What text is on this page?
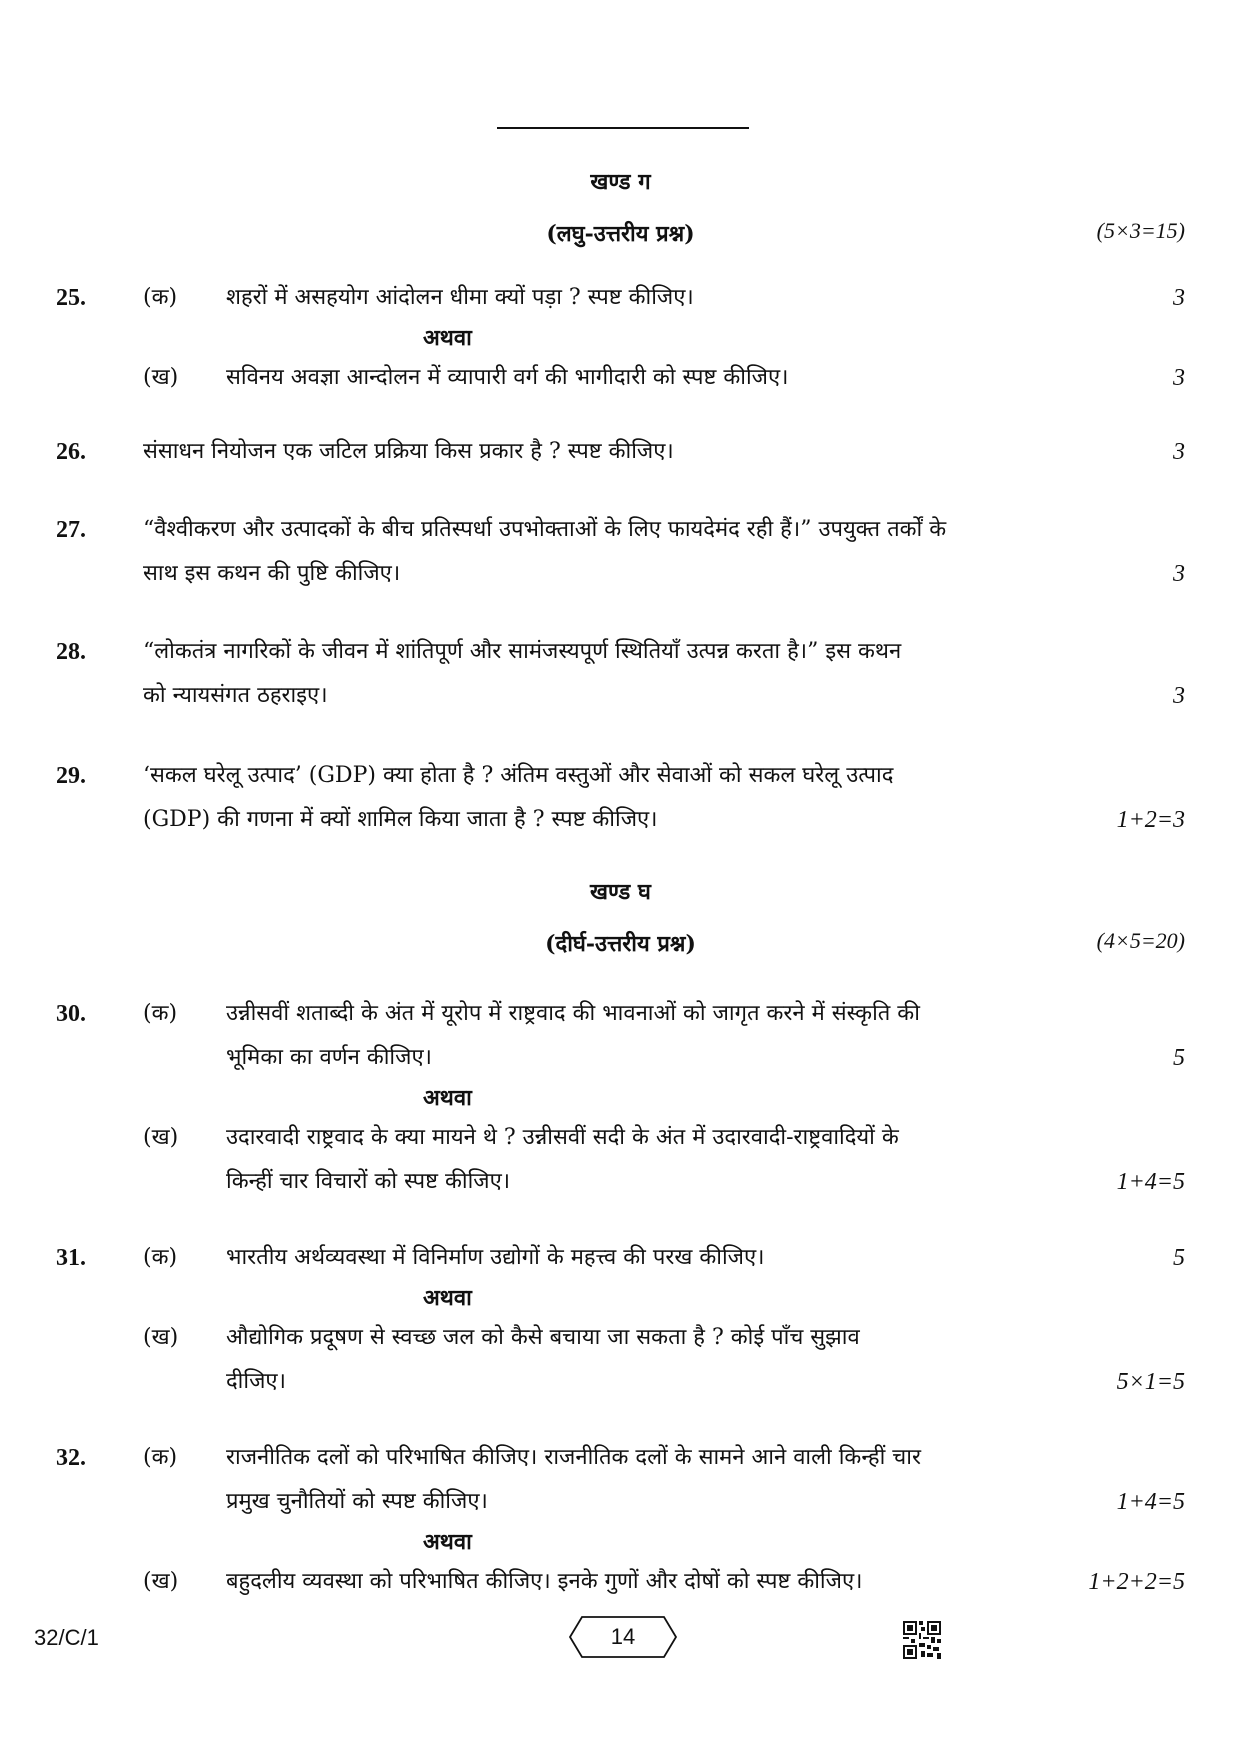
खण्ड ग
(लघु-उत्तरीय प्रश्न)	(5×3=15)
25.	(क) शहरों में असहयोग आंदोलन धीमा क्यों पड़ा ? स्पष्ट कीजिए।	3
अथवा
(ख) सविनय अवज्ञा आन्दोलन में व्यापारी वर्ग की भागीदारी को स्पष्ट कीजिए।	3
26.	संसाधन नियोजन एक जटिल प्रक्रिया किस प्रकार है ? स्पष्ट कीजिए।	3
27.	“वैश्वीकरण और उत्पादकों के बीच प्रतिस्पर्धा उपभोक्ताओं के लिए फायदेमंद रही हैं।” उपयुक्त तर्कों के
साथ इस कथन की पुष्टि कीजिए।	3
28.	“लोकतंत्र नागरिकों के जीवन में शांतिपूर्ण और सामंजस्यपूर्ण स्थितियाँ उत्पन्न करता है।” इस कथन
को न्यायसंगत ठहराइए।	3
29.	‘सकल घरेलू उत्पाद’ (GDP) क्या होता है ? अंतिम वस्तुओं और सेवाओं को सकल घरेलू उत्पाद
(GDP) की गणना में क्यों शामिल किया जाता है ? स्पष्ट कीजिए।	1+2=3
खण्ड घ
(दीर्घ-उत्तरीय प्रश्न)	(4×5=20)
30.	(क) उन्नीसवीं शताब्दी के अंत में यूरोप में राष्ट्रवाद की भावनाओं को जागृत करने में संस्कृति की
भूमिका का वर्णन कीजिए।	5
अथवा
(ख) उदारवादी राष्ट्रवाद के क्या मायने थे ? उन्नीसवीं सदी के अंत में उदारवादी-राष्ट्रवादियों के
किन्हीं चार विचारों को स्पष्ट कीजिए।	1+4=5
31.	(क) भारतीय अर्थव्यवस्था में विनिर्माण उद्योगों के महत्त्व की परख कीजिए।	5
अथवा
(ख) औद्योगिक प्रदूषण से स्वच्छ जल को कैसे बचाया जा सकता है ? कोई पाँच सुझाव
दीजिए।	5×1=5
32.	(क) राजनीतिक दलों को परिभाषित कीजिए। राजनीतिक दलों के सामने आने वाली किन्हीं चार
प्रमुख चुनौतियों को स्पष्ट कीजिए।	1+4=5
अथवा
(ख) बहुदलीय व्यवस्था को परिभाषित कीजिए। इनके गुणों और दोषों को स्पष्ट कीजिए।	1+2+2=5
32/C/1	14
